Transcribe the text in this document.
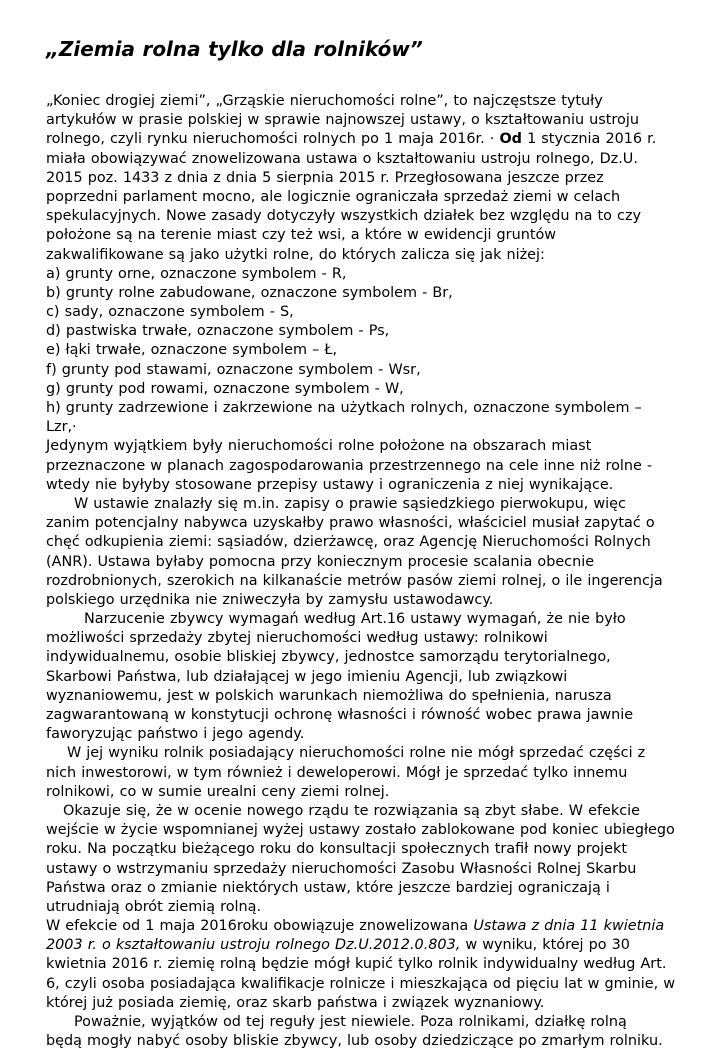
„Ziemia rolna tylko dla rolników”
„Koniec drogiej ziemi”, „Grząskie nieruchomości rolne”, to najczęstsze tytuły
artykułów w prasie polskiej w sprawie najnowszej ustawy, o kształtowaniu ustroju
rolnego, czyli rynku nieruchomości rolnych po 1 maja 2016r. · Od 1 stycznia 2016 r.
miała obowiązywać znowelizowana ustawa o kształtowaniu ustroju rolnego, Dz.U.
2015 poz. 1433 z dnia z dnia 5 sierpnia 2015 r. Przegłosowana jeszcze przez
poprzedni parlament mocno, ale logicznie ograniczała sprzedaż ziemi w celach
spekulacyjnych. Nowe zasady dotyczyły wszystkich działek bez względu na to czy
położone są na terenie miast czy też wsi, a które w ewidencji gruntów
zakwalifikowane są jako użytki rolne, do których zalicza się jak niżej:
a) grunty orne, oznaczone symbolem - R,
b) grunty rolne zabudowane, oznaczone symbolem - Br,
c) sady, oznaczone symbolem - S,
d) pastwiska trwałe, oznaczone symbolem - Ps,
e) łąki trwałe, oznaczone symbolem – Ł,
f) grunty pod stawami, oznaczone symbolem - Wsr,
g) grunty pod rowami, oznaczone symbolem - W,
h) grunty zadrzewione i zakrzewione na użytkach rolnych, oznaczone symbolem –
Lzr,·
Jedynym wyjątkiem były nieruchomości rolne położone na obszarach miast
przeznaczone w planach zagospodarowania przestrzennego na cele inne niż rolne -
wtedy nie byłyby stosowane przepisy ustawy i ograniczenia z niej wynikające.
W ustawie znalazły się m.in. zapisy o prawie sąsiedzkiego pierwokupu, więc
zanim potencjalny nabywca uzyskałby prawo własności, właściciel musiał zapytać o
chęć odkupienia ziemi: sąsiadów, dzierżawcę, oraz Agencję Nieruchomości Rolnych
(ANR). Ustawa byłaby pomocna przy koniecznym procesie scalania obecnie
rozdrobnionych, szerokich na kilkanaście metrów pasów ziemi rolnej, o ile ingerencja
polskiego urzędnika nie zniweczyła by zamysłu ustawodawcy.
Narzucenie zbywcy wymagań według Art.16 ustawy wymagań, że nie było
możliwości sprzedaży zbytej nieruchomości według ustawy: rolnikowi
indywidualnemu, osobie bliskiej zbywcy, jednostce samorządu terytorialnego,
Skarbowi Państwa, lub działającej w jego imieniu Agencji, lub związkowi
wyznaniowemu, jest w polskich warunkach niemożliwa do spełnienia, narusza
zagwarantowaną w konstytucji ochronę własności i równość wobec prawa jawnie
faworyzując państwo i jego agendy.
W jej wyniku rolnik posiadający nieruchomości rolne nie mógł sprzedać części z
nich inwestorowi, w tym również i deweloperowi. Mógł je sprzedać tylko innemu
rolnikowi, co w sumie urealni ceny ziemi rolnej.
Okazuje się, że w ocenie nowego rządu te rozwiązania są zbyt słabe. W efekcie
wejście w życie wspomnianej wyżej ustawy zostało zablokowane pod koniec ubiegłego
roku. Na początku bieżącego roku do konsultacji społecznych trafił nowy projekt
ustawy o wstrzymaniu sprzedaży nieruchomości Zasobu Własności Rolnej Skarbu
Państwa oraz o zmianie niektórych ustaw, które jeszcze bardziej ograniczają i
utrudniają obrót ziemią rolną.
W efekcie od 1 maja 2016roku obowiązuje znowelizowana Ustawa z dnia 11 kwietnia
2003 r. o kształtowaniu ustroju rolnego Dz.U.2012.0.803, w wyniku, której po 30
kwietnia 2016 r. ziemię rolną będzie mógł kupić tylko rolnik indywidualny według Art.
6, czyli osoba posiadająca kwalifikacje rolnicze i mieszkająca od pięciu lat w gminie, w
której już posiada ziemię, oraz skarb państwa i związek wyznaniowy.
Poważnie, wyjątków od tej reguły jest niewiele. Poza rolnikami, działkę rolną
będą mogły nabyć osoby bliskie zbywcy, lub osoby dziedziczące po zmarłym rolniku.
